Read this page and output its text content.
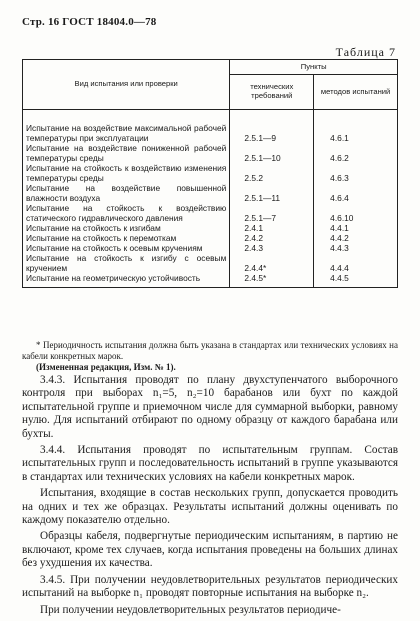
Стр. 16 ГОСТ 18404.0—78
Таблица 7
Вид испытания или проверки	Пункты	
	технических требований	методов испытаний
Испытание на воздействие максимальной рабочей температуры при эксплуатации	2.5.1—9	4.6.1
Испытание на воздействие пониженной рабочей температуры среды	2.5.1—10	4.6.2
Испытание на стойкость к воздействию изменения температуры среды	2.5.2	4.6.3
Испытание на воздействие повышенной влажности воздуха	2.5.1—11	4.6.4
Испытание на стойкость к воздействию статического гидравлического давления	2.5.1—7	4.6.10
Испытание на стойкость к изгибам	2.4.1	4.4.1
Испытание на стойкость к перемоткам	2.4.2	4.4.2
Испытание на стойкость к осевым кручениям	2.4.3	4.4.3
Испытание на стойкость к изгибу с осевым кручением	2.4.4*	4.4.4
Испытание на геометрическую устойчивость	2.4.5*	4.4.5
* Периодичность испытания должна быть указана в стандартах или технических условиях на кабели конкретных марок.
(Измененная редакция, Изм. № 1).

3.4.3. Испытания проводят по плану двухступенчатого выборочного контроля при выборах n₁=5, n₂=10 барабанов или бухт по каждой испытательной группе и приемочном числе для суммарной выборки, равному нулю. Для испытаний отбирают по одному образцу от каждого барабана или бухты.

3.4.4. Испытания проводят по испытательным группам. Состав испытательных групп и последовательность испытаний в группе указываются в стандартах или технических условиях на кабели конкретных марок.

Испытания, входящие в состав нескольких групп, допускается проводить на одних и тех же образцах. Результаты испытаний должны оценивать по каждому показателю отдельно.

Образцы кабеля, подвергнутые периодическим испытаниям, в партию не включают, кроме тех случаев, когда испытания проведены на больших длинах без ухудшения их качества.

3.4.5. При получении неудовлетворительных результатов периодических испытаний на выборке n₁ проводят повторные испытания на выборке n₂.

При получении неудовлетворительных результатов периодиче-
